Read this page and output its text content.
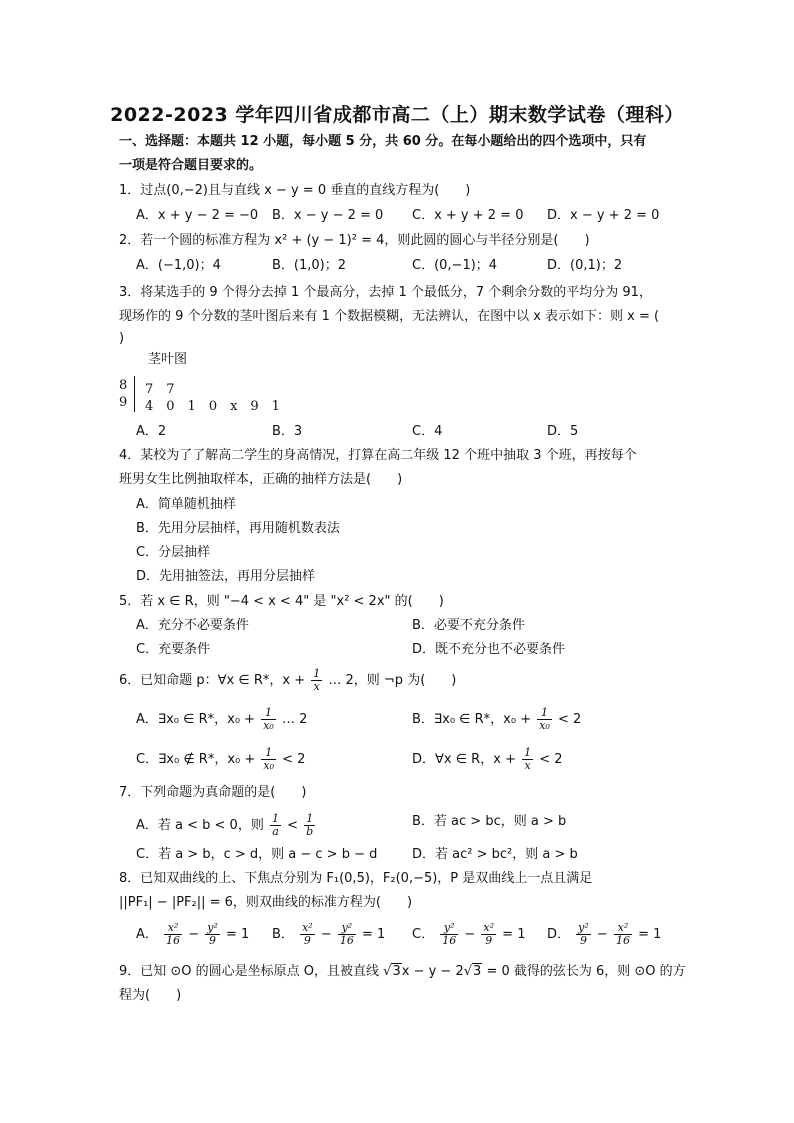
2022-2023 学年四川省成都市高二（上）期末数学试卷（理科）
一、选择题：本题共 12 小题，每小题 5 分，共 60 分。在每小题给出的四个选项中，只有
一项是符合题目要求的。
1．过点(0,−2)且与直线 x − y = 0 垂直的直线方程为(　　)
A．x + y − 2 = −0 B．x − y − 2 = 0 C．x + y + 2 = 0 D．x − y + 2 = 0
2．若一个圆的标准方程为 x² + (y − 1)² = 4，则此圆的圆心与半径分别是(　　)
A．(−1,0)；4	B．(1,0)；2	C．(0,−1)；4	D．(0,1)；2
3．将某选手的 9 个得分去掉 1 个最高分，去掉 1 个最低分，7 个剩余分数的平均分为 91，
现场作的 9 个分数的茎叶图后来有 1 个数据模糊，无法辨认，在图中以 x 表示如下：则 x = (
)
茎叶图
8 7　7
9 4　0　1　0　x　9　1
A．2	B．3	C．4	D．5
4．某校为了了解高二学生的身高情况，打算在高二年级 12 个班中抽取 3 个班，再按每个
班男女生比例抽取样本，正确的抽样方法是(　　)
A．简单随机抽样
B．先用分层抽样，再用随机数表法
C．分层抽样
D．先用抽签法，再用分层抽样
5．若 x ∈ R，则 "−4 < x < 4" 是 "x² < 2x" 的(　　)
A．充分不必要条件	B．必要不充分条件
C．充要条件	D．既不充分也不必要条件
6．已知命题 p：∀x ∈ R*，$x + \frac{1}{x}$ … 2，则 ¬p 为(　　)
A．∃x₀ ∈ R*，$x_0 + \frac{1}{\text{x₀}}$ … 2	B．∃x₀ ∈ R*，$x_0 + \frac{1}{\text{x₀}} < 2$
C．∃x₀ ∉ R*，$x_0 + \frac{1}{\text{x₀}} < 2$	D．∀x ∈ R，$x + \frac{1}{x} < 2$
7．下列命题为真命题的是(　　)
A．若 a < b < 0，则 $\frac{1}{a} < \frac{1}{b}$	B．若 ac > bc，则 a > b
C．若 a > b，c > d，则 a − c > b − d	D．若 ac² > bc²，则 a > b
8．已知双曲线的上、下焦点分别为 F₁(0,5)，F₂(0,−5)，P 是双曲线上一点且满足
||PF₁| − |PF₂|| = 6，则双曲线的标准方程为(　　)
A． $\frac{\text{x²}}{16} - \frac{\text{y²}}{9} = 1$ B． $\frac{\text{x²}}{9} - \frac{\text{y²}}{16} = 1$ C． $\frac{\text{y²}}{16} - \frac{\text{x²}}{9} = 1$ D． $\frac{\text{y²}}{9} - \frac{\text{x²}}{16} = 1$
9．已知 ⊙O 的圆心是坐标原点 O，且被直线 √3x − y − 2√3 = 0 截得的弦长为 6，则 ⊙O 的方
程为(　　)
